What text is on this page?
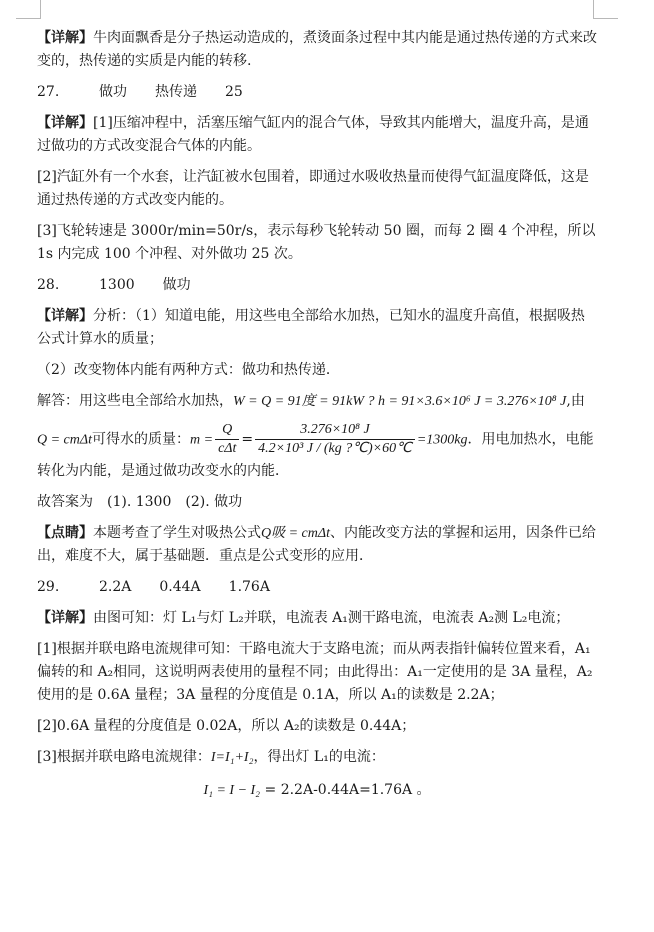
【详解】牛肉面飘香是分子热运动造成的，煮烫面条过程中其内能是通过热传递的方式来改变的，热传递的实质是内能的转移.

27.	做功 热传递 25

【详解】[1]压缩冲程中，活塞压缩气缸内的混合气体，导致其内能增大，温度升高，是通过做功的方式改变混合气体的内能。

[2]汽缸外有一个水套，让汽缸被水包围着，即通过水吸收热量而使得气缸温度降低，这是通过热传递的方式改变内能的。

[3]飞轮转速是 3000r/min=50r/s，表示每秒飞轮转动 50 圈，而每 2 圈 4 个冲程，所以 1s 内完成 100 个冲程、对外做功 25 次。

28.	1300 做功

【详解】分析：（1）知道电能，用这些电全部给水加热，已知水的温度升高值，根据吸热公式计算水的质量；

（2）改变物体内能有两种方式：做功和热传递．

解答：用这些电全部给水加热，W = Q = 91度 = 91kW ? h = 91×3.6×10⁶ J = 3.276×10⁸ J,由

Q = cmΔt可得水的质量：$m = \frac{Q}{\text{cΔt}} = \frac{\text{3.276×10⁸ J}}{\text{4.2×10³ J / (kg ?℃)×60℃}} =1300kg$．用电加热水，电能

转化为内能，是通过做功改变水的内能．

故答案为　(1). 1300　(2). 做功

【点睛】本题考查了学生对吸热公式Q吸 = cmΔt、内能改变方法的掌握和运用，因条件已给出，难度不大，属于基础题．重点是公式变形的应用．

29.	2.2A 0.44A 1.76A

【详解】由图可知：灯 L₁与灯 L₂并联，电流表 A₁测干路电流，电流表 A₂测 L₂电流；

[1]根据并联电路电流规律可知：干路电流大于支路电流；而从两表指针偏转位置来看，A₁偏转的和 A₂相同，这说明两表使用的量程不同；由此得出：A₁一定使用的是 3A 量程，A₂使用的是 0.6A 量程；3A 量程的分度值是 0.1A，所以 A₁的读数是 2.2A；

[2]0.6A 量程的分度值是 0.02A，所以 A₂的读数是 0.44A；

[3]根据并联电路电流规律：I=I₁+I₂，得出灯 L₁的电流：

I₁ = I − I₂ = 2.2A-0.44A=1.76A 。
